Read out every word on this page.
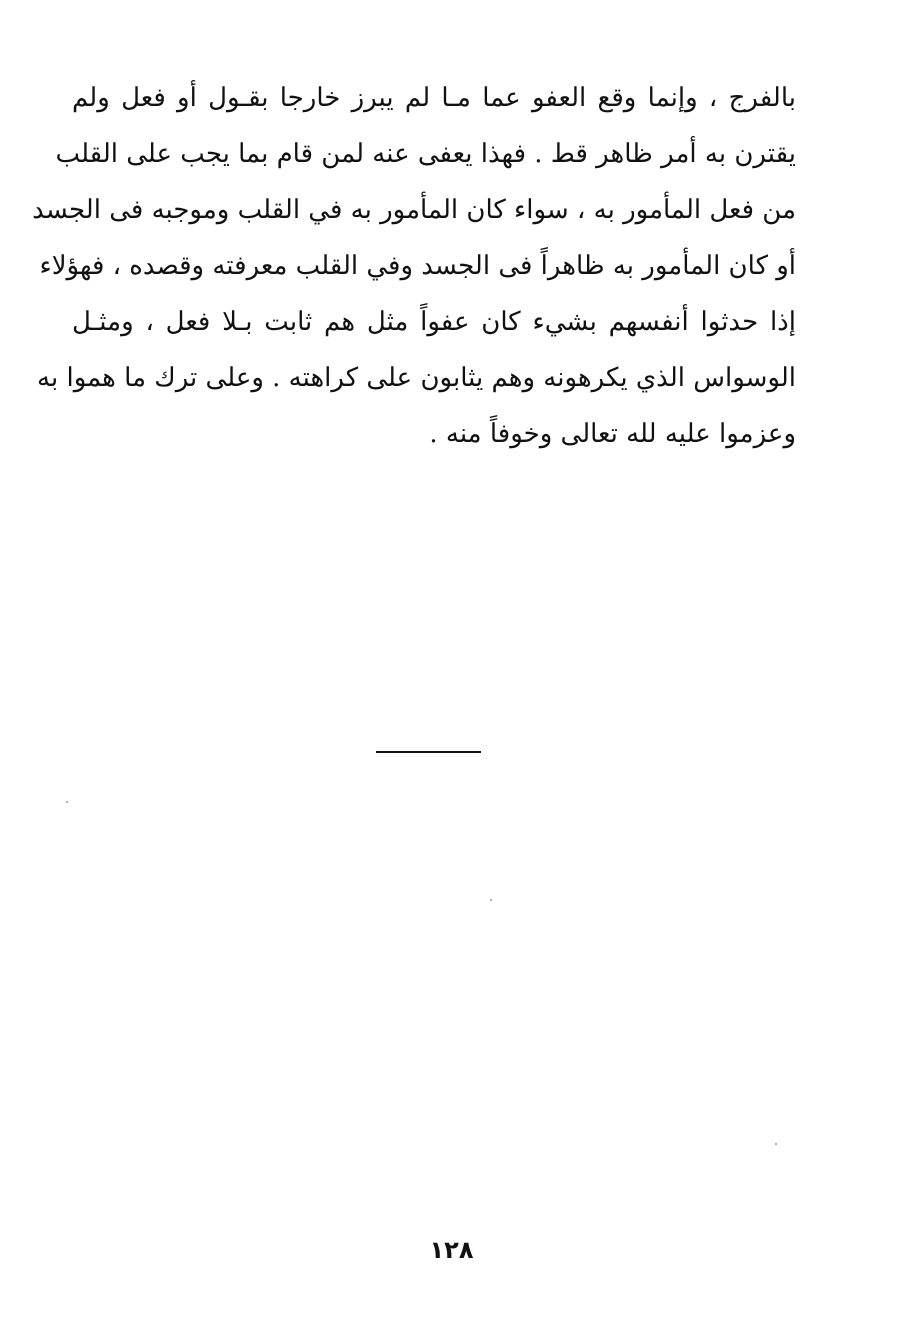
بالفرج ، وإنما وقع العفو عما مـا لم يبرز خارجا بقـول أو فعل ولم
يقترن به أمر ظاهر قط . فهذا يعفى عنه لمن قام بما يجب على القلب
من فعل المأمور به ، سواء كان المأمور به في القلب وموجبه فى الجسد
أو كان المأمور به ظاهراً فى الجسد وفي القلب معرفته وقصده ، فهؤلاء
إذا حدثوا أنفسهم بشيء كان عفواً مثل هم ثابت بـلا فعل ، ومثـل
الوسواس الذي يكرهونه وهم يثابون على كراهته . وعلى ترك ما هموا به
وعزموا عليه لله تعالى وخوفاً منه .
١٢٨
